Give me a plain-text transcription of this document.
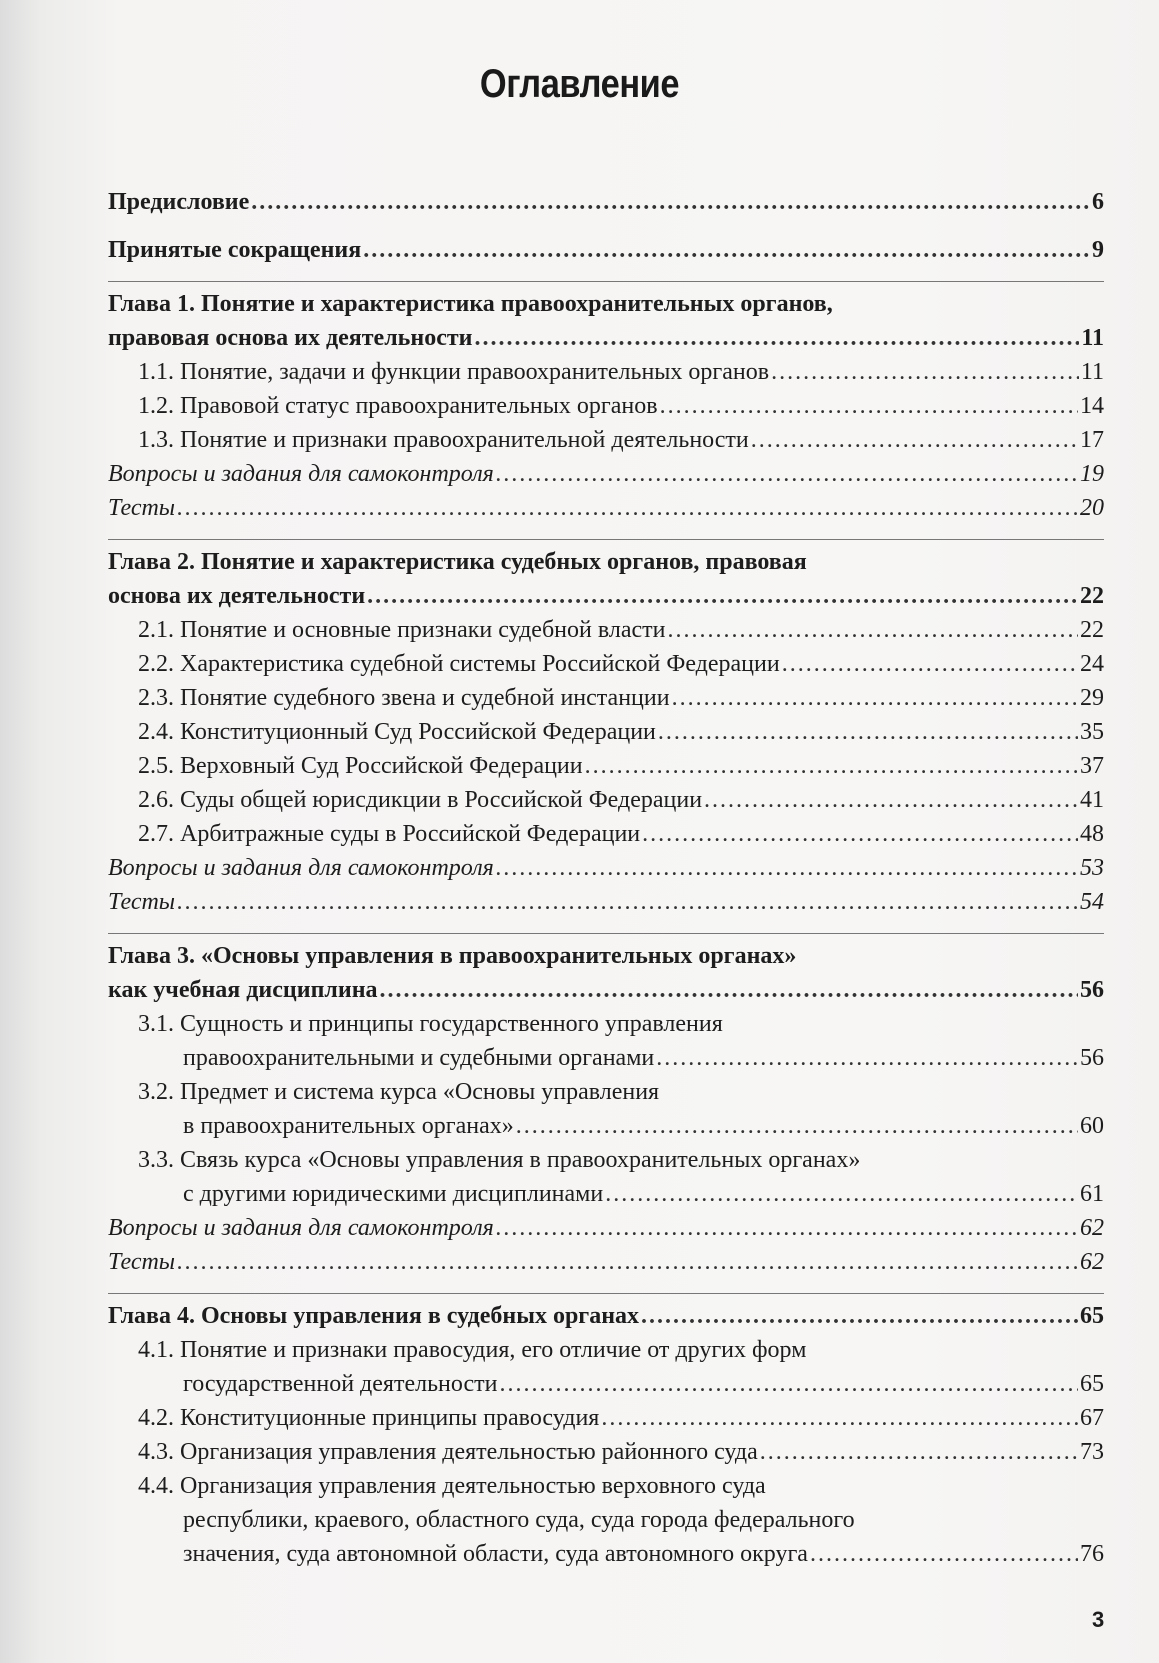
Оглавление
Предисловие . . .	6
Принятые сокращения . . .	9
Глава 1. Понятие и характеристика правоохранительных органов,
правовая основа их деятельности . . .	11
1.1. Понятие, задачи и функции правоохранительных органов . . .	11
1.2. Правовой статус правоохранительных органов . . .	14
1.3. Понятие и признаки правоохранительной деятельности . . .	17
Вопросы и задания для самоконтроля . . .	19
Тесты . . .	20
Глава 2. Понятие и характеристика судебных органов, правовая
основа их деятельности . . .	22
2.1. Понятие и основные признаки судебной власти . . .	22
2.2. Характеристика судебной системы Российской Федерации . . .	24
2.3. Понятие судебного звена и судебной инстанции . . .	29
2.4. Конституционный Суд Российской Федерации . . .	35
2.5. Верховный Суд Российской Федерации . . .	37
2.6. Суды общей юрисдикции в Российской Федерации . . .	41
2.7. Арбитражные суды в Российской Федерации . . .	48
Вопросы и задания для самоконтроля . . .	53
Тесты . . .	54
Глава 3. «Основы управления в правоохранительных органах»
как учебная дисциплина . . .	56
3.1. Сущность и принципы государственного управления
правоохранительными и судебными органами . . .	56
3.2. Предмет и система курса «Основы управления
в правоохранительных органах» . . .	60
3.3. Связь курса «Основы управления в правоохранительных органах»
с другими юридическими дисциплинами . . .	61
Вопросы и задания для самоконтроля . . .	62
Тесты . . .	62
Глава 4. Основы управления в судебных органах . . .	65
4.1. Понятие и признаки правосудия, его отличие от других форм
государственной деятельности . . .	65
4.2. Конституционные принципы правосудия . . .	67
4.3. Организация управления деятельностью районного суда . . .	73
4.4. Организация управления деятельностью верховного суда
республики, краевого, областного суда, суда города федерального
значения, суда автономной области, суда автономного округа . . .	76
3
